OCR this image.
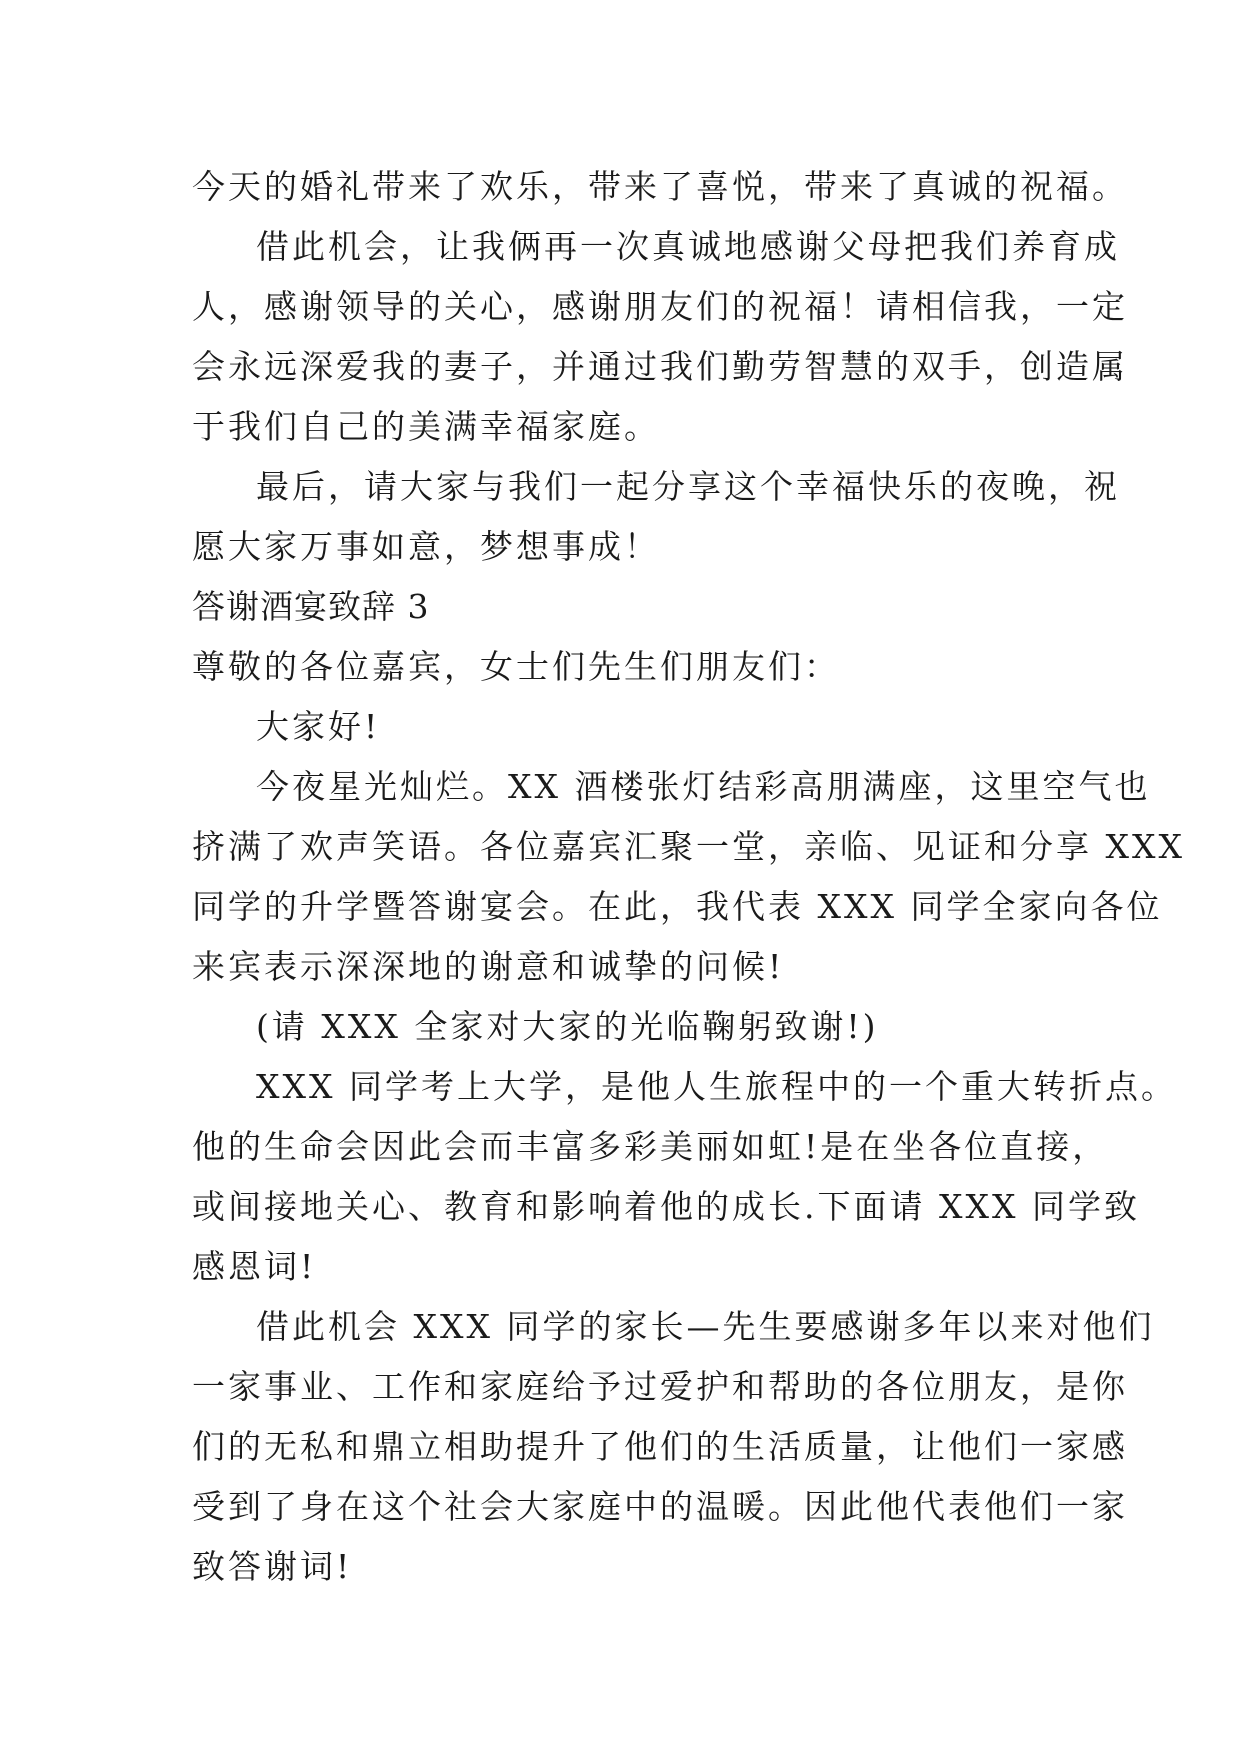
今天的婚礼带来了欢乐，带来了喜悦，带来了真诚的祝福。
借此机会，让我俩再一次真诚地感谢父母把我们养育成
人，感谢领导的关心，感谢朋友们的祝福！请相信我，一定
会永远深爱我的妻子，并通过我们勤劳智慧的双手，创造属
于我们自己的美满幸福家庭。
最后，请大家与我们一起分享这个幸福快乐的夜晚，祝
愿大家万事如意，梦想事成！
答谢酒宴致辞 3
尊敬的各位嘉宾，女士们先生们朋友们：
大家好!
今夜星光灿烂。XX 酒楼张灯结彩高朋满座，这里空气也
挤满了欢声笑语。各位嘉宾汇聚一堂，亲临、见证和分享 XXX
同学的升学暨答谢宴会。在此，我代表 XXX 同学全家向各位
来宾表示深深地的谢意和诚挚的问候!
(请 XXX 全家对大家的光临鞠躬致谢!)
XXX 同学考上大学，是他人生旅程中的一个重大转折点。
他的生命会因此会而丰富多彩美丽如虹!是在坐各位直接，
或间接地关心、教育和影响着他的成长.下面请 XXX 同学致
感恩词!
借此机会 XXX 同学的家长—先生要感谢多年以来对他们
一家事业、工作和家庭给予过爱护和帮助的各位朋友，是你
们的无私和鼎立相助提升了他们的生活质量，让他们一家感
受到了身在这个社会大家庭中的温暖。因此他代表他们一家
致答谢词!
